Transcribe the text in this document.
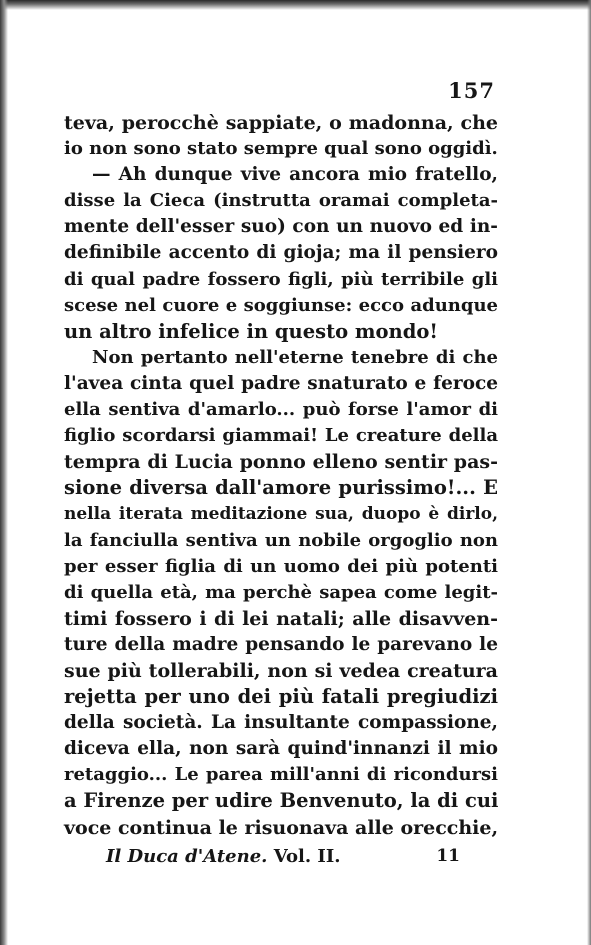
157
teva, perocchè sappiate, o madonna, che
io non sono stato sempre qual sono oggidì.
— Ah dunque vive ancora mio fratello,
disse la Cieca (instrutta oramai completa-
mente dell'esser suo) con un nuovo ed in-
definibile accento di gioja; ma il pensiero
di qual padre fossero figli, più terribile gli
scese nel cuore e soggiunse: ecco adunque
un altro infelice in questo mondo!
Non pertanto nell'eterne tenebre di che
l'avea cinta quel padre snaturato e feroce
ella sentiva d'amarlo... può forse l'amor di
figlio scordarsi giammai! Le creature della
tempra di Lucia ponno elleno sentir pas-
sione diversa dall'amore purissimo!... E
nella iterata meditazione sua, duopo è dirlo,
la fanciulla sentiva un nobile orgoglio non
per esser figlia di un uomo dei più potenti
di quella età, ma perchè sapea come legit-
timi fossero i di lei natali; alle disavven-
ture della madre pensando le parevano le
sue più tollerabili, non si vedea creatura
rejetta per uno dei più fatali pregiudizi
della società. La insultante compassione,
diceva ella, non sarà quind'innanzi il mio
retaggio... Le parea mill'anni di ricondursi
a Firenze per udire Benvenuto, la di cui
voce continua le risuonava alle orecchie,
Il Duca d'Atene. Vol. II.	11
